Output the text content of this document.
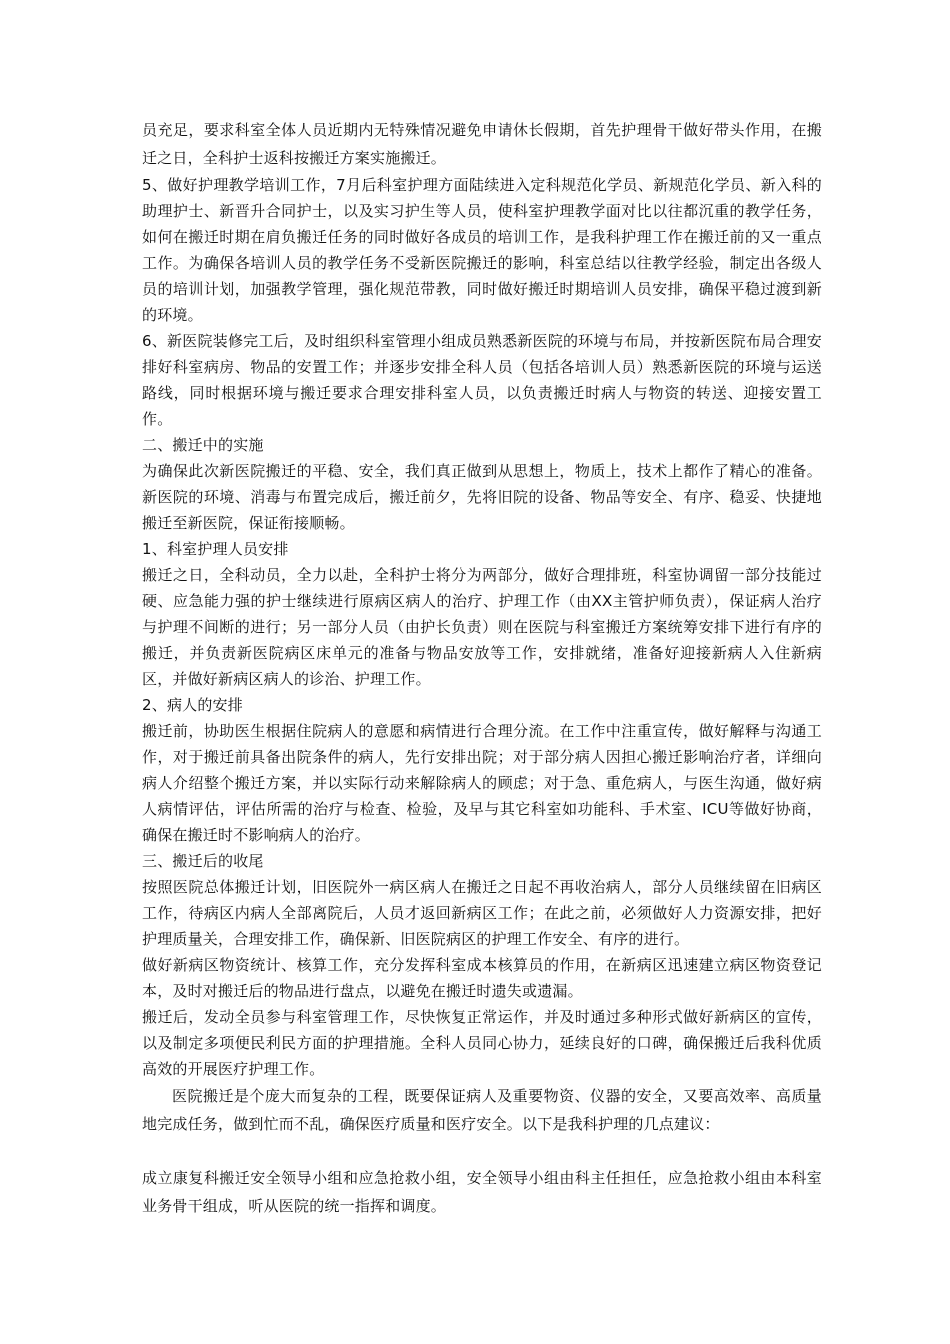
员充足，要求科室全体人员近期内无特殊情况避免申请休长假期，首先护理骨干做好带头作用，在搬迁之日，全科护士返科按搬迁方案实施搬迁。

5、做好护理教学培训工作，7月后科室护理方面陆续进入定科规范化学员、新规范化学员、新入科的助理护士、新晋升合同护士，以及实习护生等人员，使科室护理教学面对比以往都沉重的教学任务，如何在搬迁时期在肩负搬迁任务的同时做好各成员的培训工作，是我科护理工作在搬迁前的又一重点工作。为确保各培训人员的教学任务不受新医院搬迁的影响，科室总结以往教学经验，制定出各级人员的培训计划，加强教学管理，强化规范带教，同时做好搬迁时期培训人员安排，确保平稳过渡到新的环境。

6、新医院装修完工后，及时组织科室管理小组成员熟悉新医院的环境与布局，并按新医院布局合理安排好科室病房、物品的安置工作；并逐步安排全科人员（包括各培训人员）熟悉新医院的环境与运送路线，同时根据环境与搬迁要求合理安排科室人员，以负责搬迁时病人与物资的转送、迎接安置工作。

二、搬迁中的实施

为确保此次新医院搬迁的平稳、安全，我们真正做到从思想上，物质上，技术上都作了精心的准备。新医院的环境、消毒与布置完成后，搬迁前夕，先将旧院的设备、物品等安全、有序、稳妥、快捷地搬迁至新医院，保证衔接顺畅。

1、科室护理人员安排

搬迁之日，全科动员，全力以赴，全科护士将分为两部分，做好合理排班，科室协调留一部分技能过硬、应急能力强的护士继续进行原病区病人的治疗、护理工作（由XX主管护师负责），保证病人治疗与护理不间断的进行；另一部分人员（由护长负责）则在医院与科室搬迁方案统筹安排下进行有序的搬迁，并负责新医院病区床单元的准备与物品安放等工作，安排就绪，准备好迎接新病人入住新病区，并做好新病区病人的诊治、护理工作。

2、病人的安排

搬迁前，协助医生根据住院病人的意愿和病情进行合理分流。在工作中注重宣传，做好解释与沟通工作，对于搬迁前具备出院条件的病人，先行安排出院；对于部分病人因担心搬迁影响治疗者，详细向病人介绍整个搬迁方案，并以实际行动来解除病人的顾虑；对于急、重危病人，与医生沟通，做好病人病情评估，评估所需的治疗与检查、检验，及早与其它科室如功能科、手术室、ICU等做好协商，确保在搬迁时不影响病人的治疗。

三、搬迁后的收尾

按照医院总体搬迁计划，旧医院外一病区病人在搬迁之日起不再收治病人，部分人员继续留在旧病区工作，待病区内病人全部离院后，人员才返回新病区工作；在此之前，必须做好人力资源安排，把好护理质量关，合理安排工作，确保新、旧医院病区的护理工作安全、有序的进行。

做好新病区物资统计、核算工作，充分发挥科室成本核算员的作用，在新病区迅速建立病区物资登记本，及时对搬迁后的物品进行盘点，以避免在搬迁时遗失或遗漏。

搬迁后，发动全员参与科室管理工作，尽快恢复正常运作，并及时通过多种形式做好新病区的宣传，以及制定多项便民利民方面的护理措施。全科人员同心协力，延续良好的口碑，确保搬迁后我科优质高效的开展医疗护理工作。

医院搬迁是个庞大而复杂的工程，既要保证病人及重要物资、仪器的安全，又要高效率、高质量地完成任务，做到忙而不乱，确保医疗质量和医疗安全。以下是我科护理的几点建议：

成立康复科搬迁安全领导小组和应急抢救小组，安全领导小组由科主任担任，应急抢救小组由本科室业务骨干组成，听从医院的统一指挥和调度。
